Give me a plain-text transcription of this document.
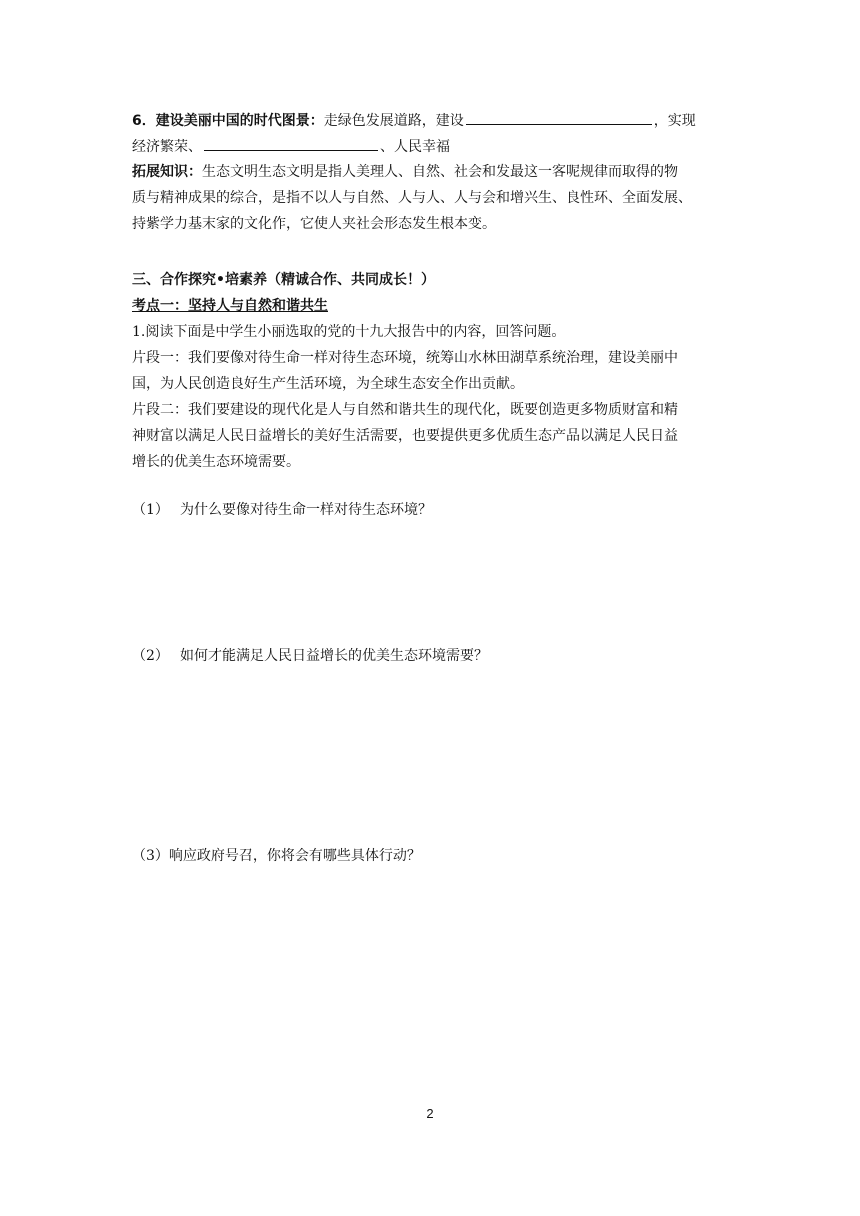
6．建设美丽中国的时代图景：走绿色发展道路，建设	，实现
经济繁荣、	、人民幸福
拓展知识：生态文明生态文明是指人美理人、自然、社会和发最这一客呢规律而取得的物
质与精神成果的综合，是指不以人与自然、人与人、人与会和增兴生、良性环、全面发展、
持紫学力基末家的文化作，它使人夹社会形态发生根本变。
三、合作探究•培素养（精诚合作、共同成长！）
考点一：坚持人与自然和谐共生
1.阅读下面是中学生小丽选取的党的十九大报告中的内容，回答问题。
片段一：我们要像对待生命一样对待生态环境，统筹山水林田湖草系统治理，建设美丽中
国，为人民创造良好生产生活环境，为全球生态安全作出贡献。
片段二：我们要建设的现代化是人与自然和谐共生的现代化，既要创造更多物质财富和精
神财富以满足人民日益增长的美好生活需要，也要提供更多优质生态产品以满足人民日益
增长的优美生态环境需要。
（1） 为什么要像对待生命一样对待生态环境？
（2） 如何才能满足人民日益增长的优美生态环境需要？
（3）响应政府号召，你将会有哪些具体行动？
2
